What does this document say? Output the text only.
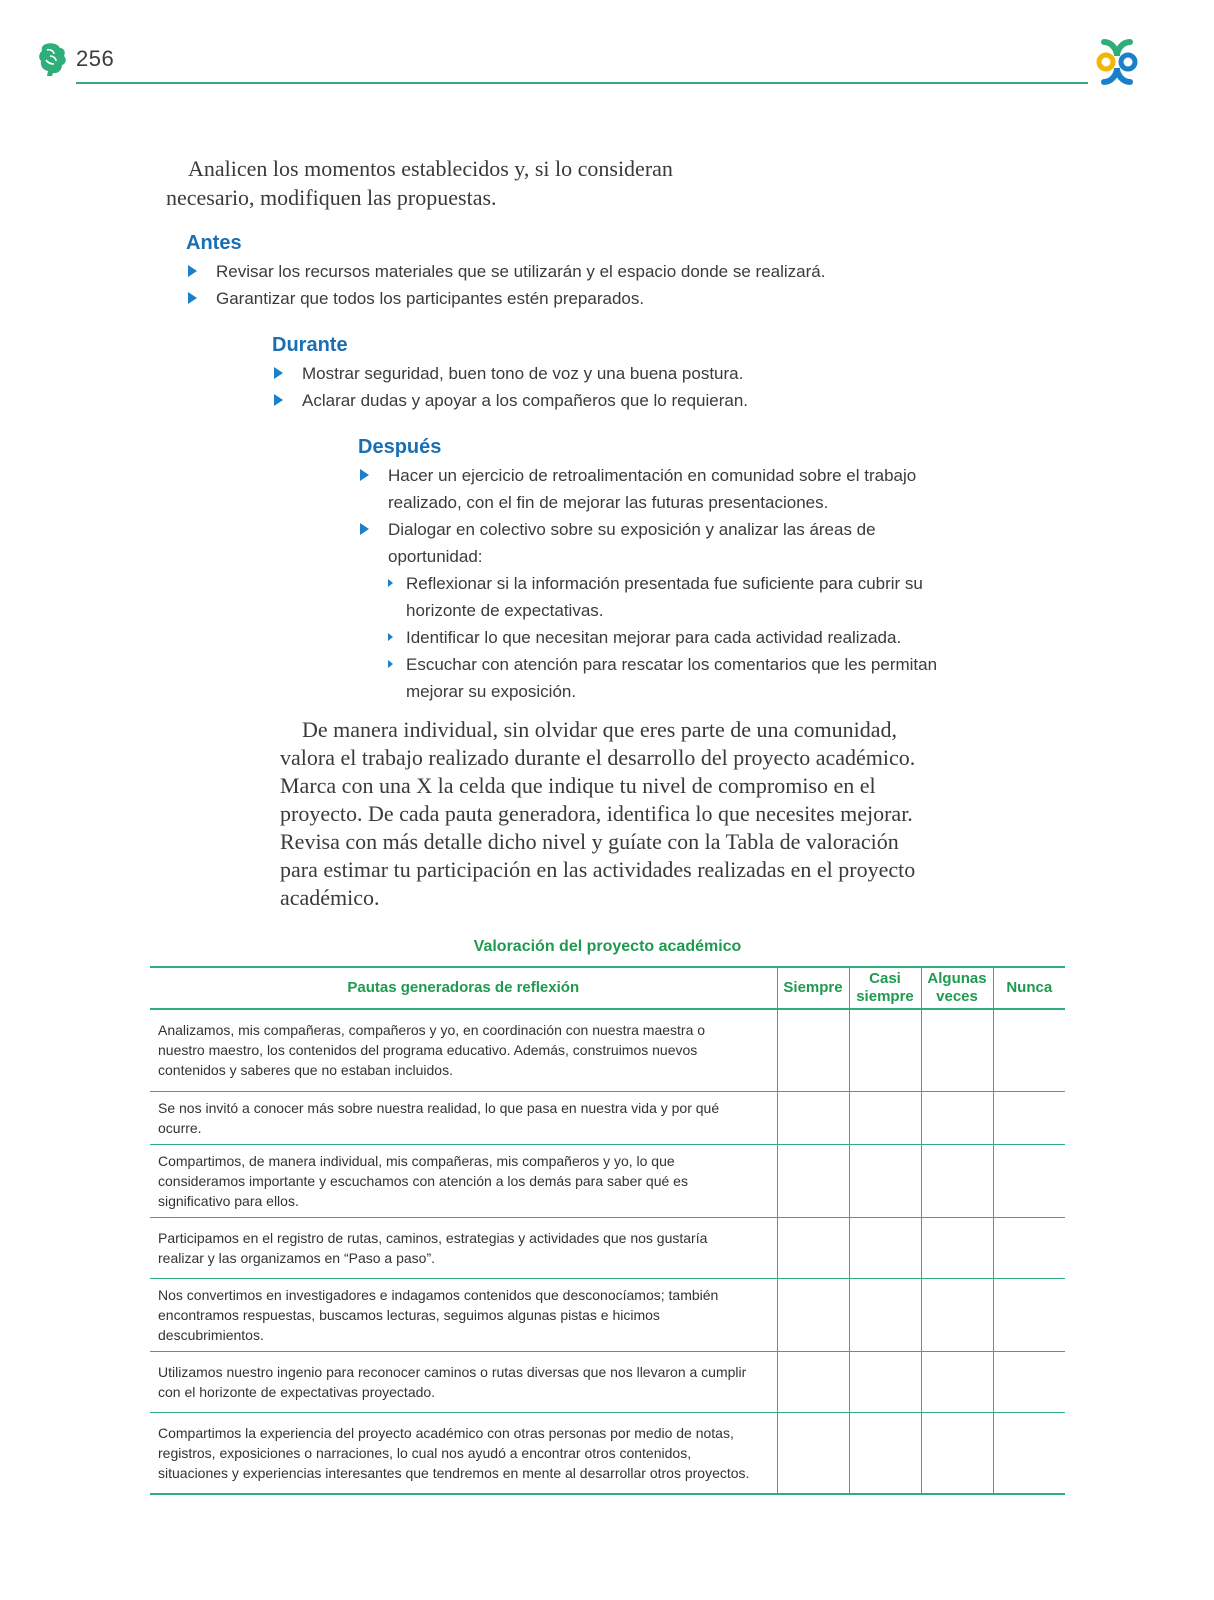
256

Analicen los momentos establecidos y, si lo consideran necesario, modifiquen las propuestas.

Antes
Revisar los recursos materiales que se utilizarán y el espacio donde se realizará.
Garantizar que todos los participantes estén preparados.
Durante
Mostrar seguridad, buen tono de voz y una buena postura.
Aclarar dudas y apoyar a los compañeros que lo requieran.
Después
Hacer un ejercicio de retroalimentación en comunidad sobre el trabajo realizado, con el fin de mejorar las futuras presentaciones.
Dialogar en colectivo sobre su exposición y analizar las áreas de oportunidad:
Reflexionar si la información presentada fue suficiente para cubrir su horizonte de expectativas.
Identificar lo que necesitan mejorar para cada actividad realizada.
Escuchar con atención para rescatar los comentarios que les permitan mejorar su exposición.

De manera individual, sin olvidar que eres parte de una comunidad, valora el trabajo realizado durante el desarrollo del proyecto académico. Marca con una X la celda que indique tu nivel de compromiso en el proyecto. De cada pauta generadora, identifica lo que necesites mejorar. Revisa con más detalle dicho nivel y guíate con la Tabla de valoración para estimar tu participación en las actividades realizadas en el proyecto académico.

Valoración del proyecto académico
Pautas generadoras de reflexión	Siempre	Casi siempre	Algunas veces	Nunca
Analizamos, mis compañeras, compañeros y yo, en coordinación con nuestra maestra o nuestro maestro, los contenidos del programa educativo. Además, construimos nuevos contenidos y saberes que no estaban incluidos.				
Se nos invitó a conocer más sobre nuestra realidad, lo que pasa en nuestra vida y por qué ocurre.				
Compartimos, de manera individual, mis compañeras, mis compañeros y yo, lo que consideramos importante y escuchamos con atención a los demás para saber qué es significativo para ellos.				
Participamos en el registro de rutas, caminos, estrategias y actividades que nos gustaría realizar y las organizamos en “Paso a paso”.				
Nos convertimos en investigadores e indagamos contenidos que desconocíamos; también encontramos respuestas, buscamos lecturas, seguimos algunas pistas e hicimos descubrimientos.				
Utilizamos nuestro ingenio para reconocer caminos o rutas diversas que nos llevaron a cumplir con el horizonte de expectativas proyectado.				
Compartimos la experiencia del proyecto académico con otras personas por medio de notas, registros, exposiciones o narraciones, lo cual nos ayudó a encontrar otros contenidos, situaciones y experiencias interesantes que tendremos en mente al desarrollar otros proyectos.				
